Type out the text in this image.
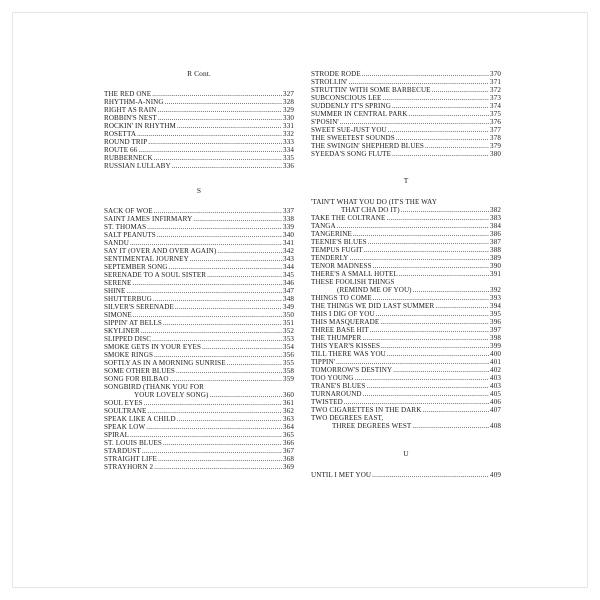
R Cont.
THE RED ONE .....	327
RHYTHM-A-NING .....	328
RIGHT AS RAIN .....	329
ROBBIN'S NEST .....	330
ROCKIN' IN RHYTHM .....	331
ROSETTA .....	332
ROUND TRIP .....	333
ROUTE 66 .....	334
RUBBERNECK .....	335
RUSSIAN LULLABY .....	336
S
SACK OF WOE .....	337
SAINT JAMES INFIRMARY .....	338
ST. THOMAS .....	339
SALT PEANUTS .....	340
SANDU .....	341
SAY IT (OVER AND OVER AGAIN) .....	342
SENTIMENTAL JOURNEY .....	343
SEPTEMBER SONG .....	344
SERENADE TO A SOUL SISTER .....	345
SERENE .....	346
SHINE .....	347
SHUTTERBUG .....	348
SILVER'S SERENADE .....	349
SIMONE .....	350
SIPPIN' AT BELLS .....	351
SKYLINER .....	352
SLIPPED DISC .....	353
SMOKE GETS IN YOUR EYES .....	354
SMOKE RINGS .....	356
SOFTLY AS IN A MORNING SUNRISE .....	355
SOME OTHER BLUES .....	358
SONG FOR BILBAO .....	359
SONGBIRD (THANK YOU FOR
YOUR LOVELY SONG) .....	360
SOUL EYES .....	361
SOULTRANE .....	362
SPEAK LIKE A CHILD .....	363
SPEAK LOW .....	364
SPIRAL .....	365
ST. LOUIS BLUES .....	366
STARDUST .....	367
STRAIGHT LIFE .....	368
STRAYHORN 2 .....	369
STRODE RODE .....	370
STROLLIN' .....	371
STRUTTIN' WITH SOME BARBECUE .....	372
SUBCONSCIOUS LEE .....	373
SUDDENLY IT'S SPRING .....	374
SUMMER IN CENTRAL PARK .....	375
S'POSIN' .....	376
SWEET SUE-JUST YOU .....	377
THE SWEETEST SOUNDS .....	378
THE SWINGIN' SHEPHERD BLUES .....	379
SYEEDA'S SONG FLUTE .....	380
T
'TAIN'T WHAT YOU DO (IT'S THE WAY
THAT CHA DO IT) .....	382
TAKE THE COLTRANE .....	383
TANGA .....	384
TANGERINE .....	386
TEENIE'S BLUES .....	387
TEMPUS FUGIT .....	388
TENDERLY .....	389
TENOR MADNESS .....	390
THERE'S A SMALL HOTEL .....	391
THESE FOOLISH THINGS
(REMIND ME OF YOU) .....	392
THINGS TO COME .....	393
THE THINGS WE DID LAST SUMMER .....	394
THIS I DIG OF YOU .....	395
THIS MASQUERADE .....	396
THREE BASE HIT .....	397
THE THUMPER .....	398
THIS YEAR'S KISSES .....	399
TILL THERE WAS YOU .....	400
TIPPIN' .....	401
TOMORROW'S DESTINY .....	402
TOO YOUNG .....	403
TRANE'S BLUES .....	403
TURNAROUND .....	405
TWISTED .....	406
TWO CIGARETTES IN THE DARK .....	407
TWO DEGREES EAST,
THREE DEGREES WEST .....	408
U
UNTIL I MET YOU .....	409
